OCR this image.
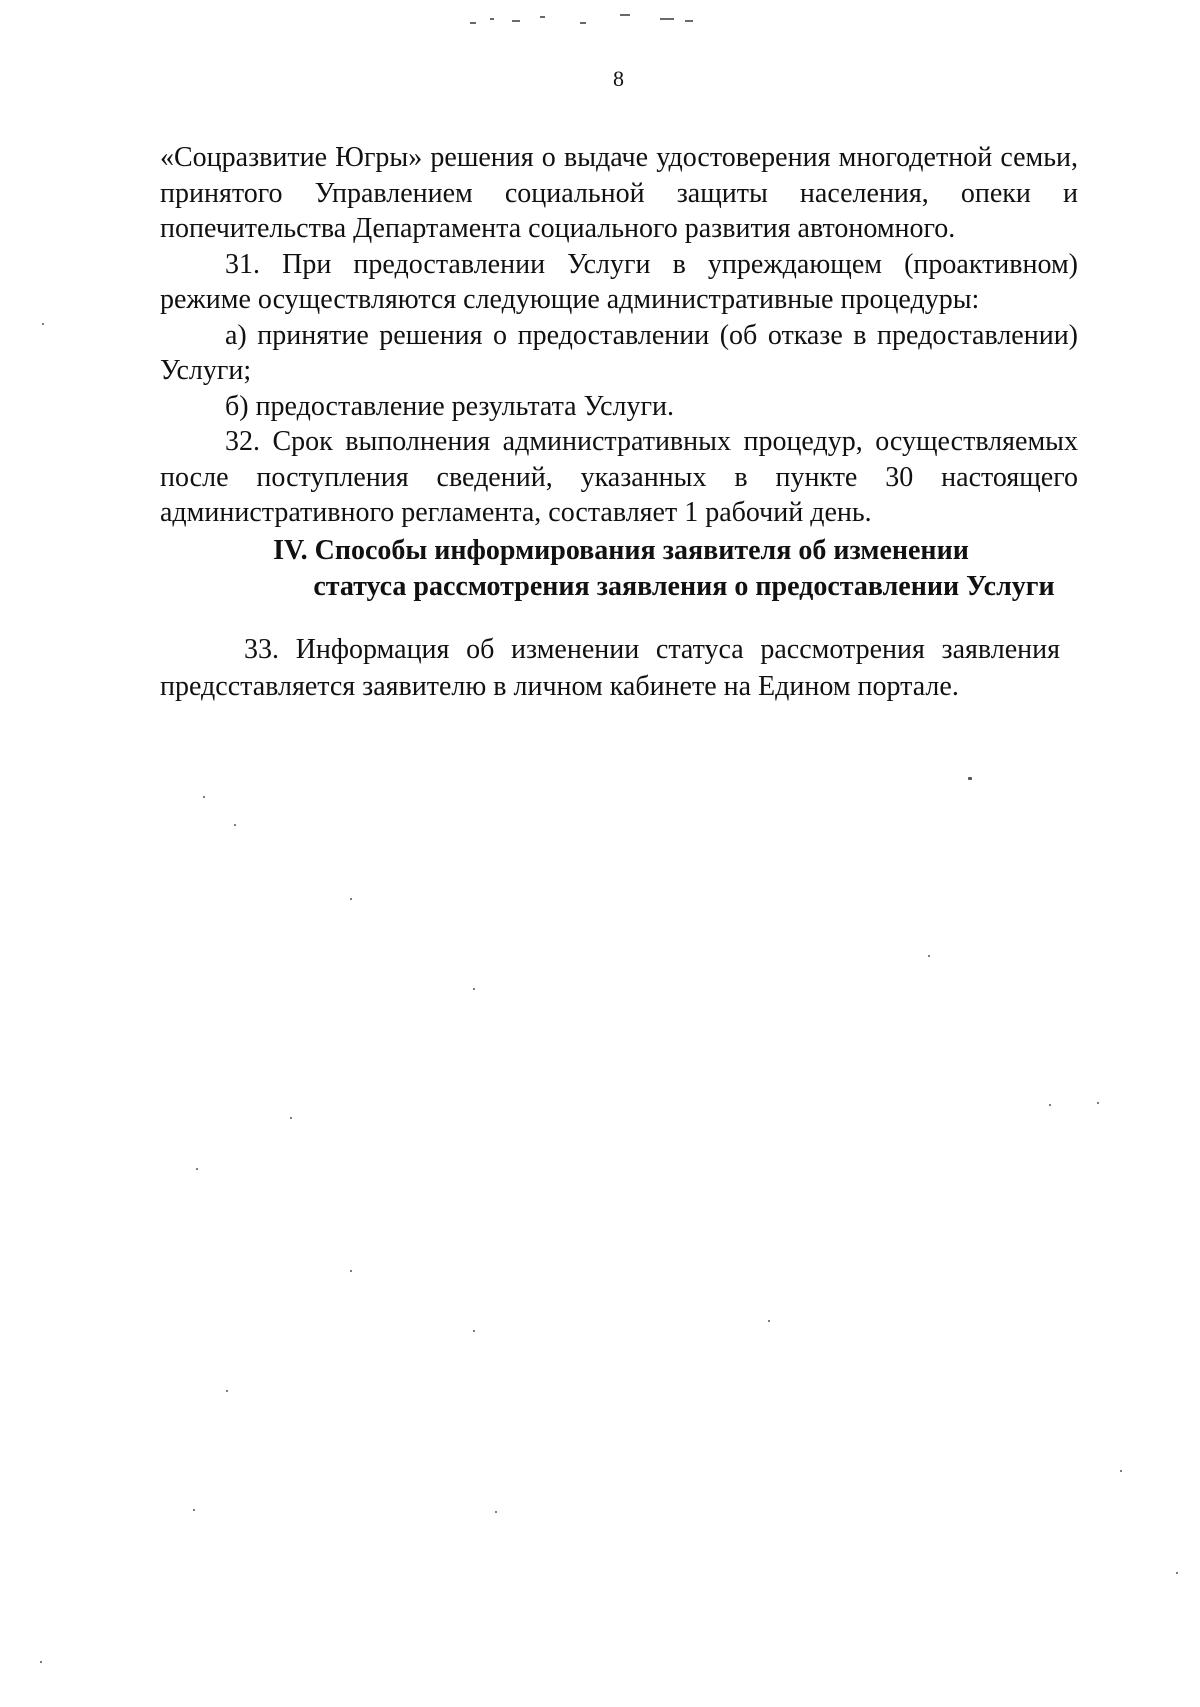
8

«Соцразвитие Югры» решения о выдаче удостоверения многодетной семьи, принятого Управлением социальной защиты населения, опеки и попечительства Департамента социального развития автономного.

31. При предоставлении Услуги в упреждающем (проактивном) режиме осуществляются следующие административные процедуры:

а) принятие решения о предоставлении (об отказе в предоставлении) Услуги;

б) предоставление результата Услуги.

32. Срок выполнения административных процедур, осуществляемых после поступления сведений, указанных в пункте 30 настоящего административного регламента, составляет 1 рабочий день.

IV. Способы информирования заявителя об изменении
статуса рассмотрения заявления о предоставлении Услуги

33. Информация об изменении статуса рассмотрения заявления предсставляется заявителю в личном кабинете на Едином портале.
